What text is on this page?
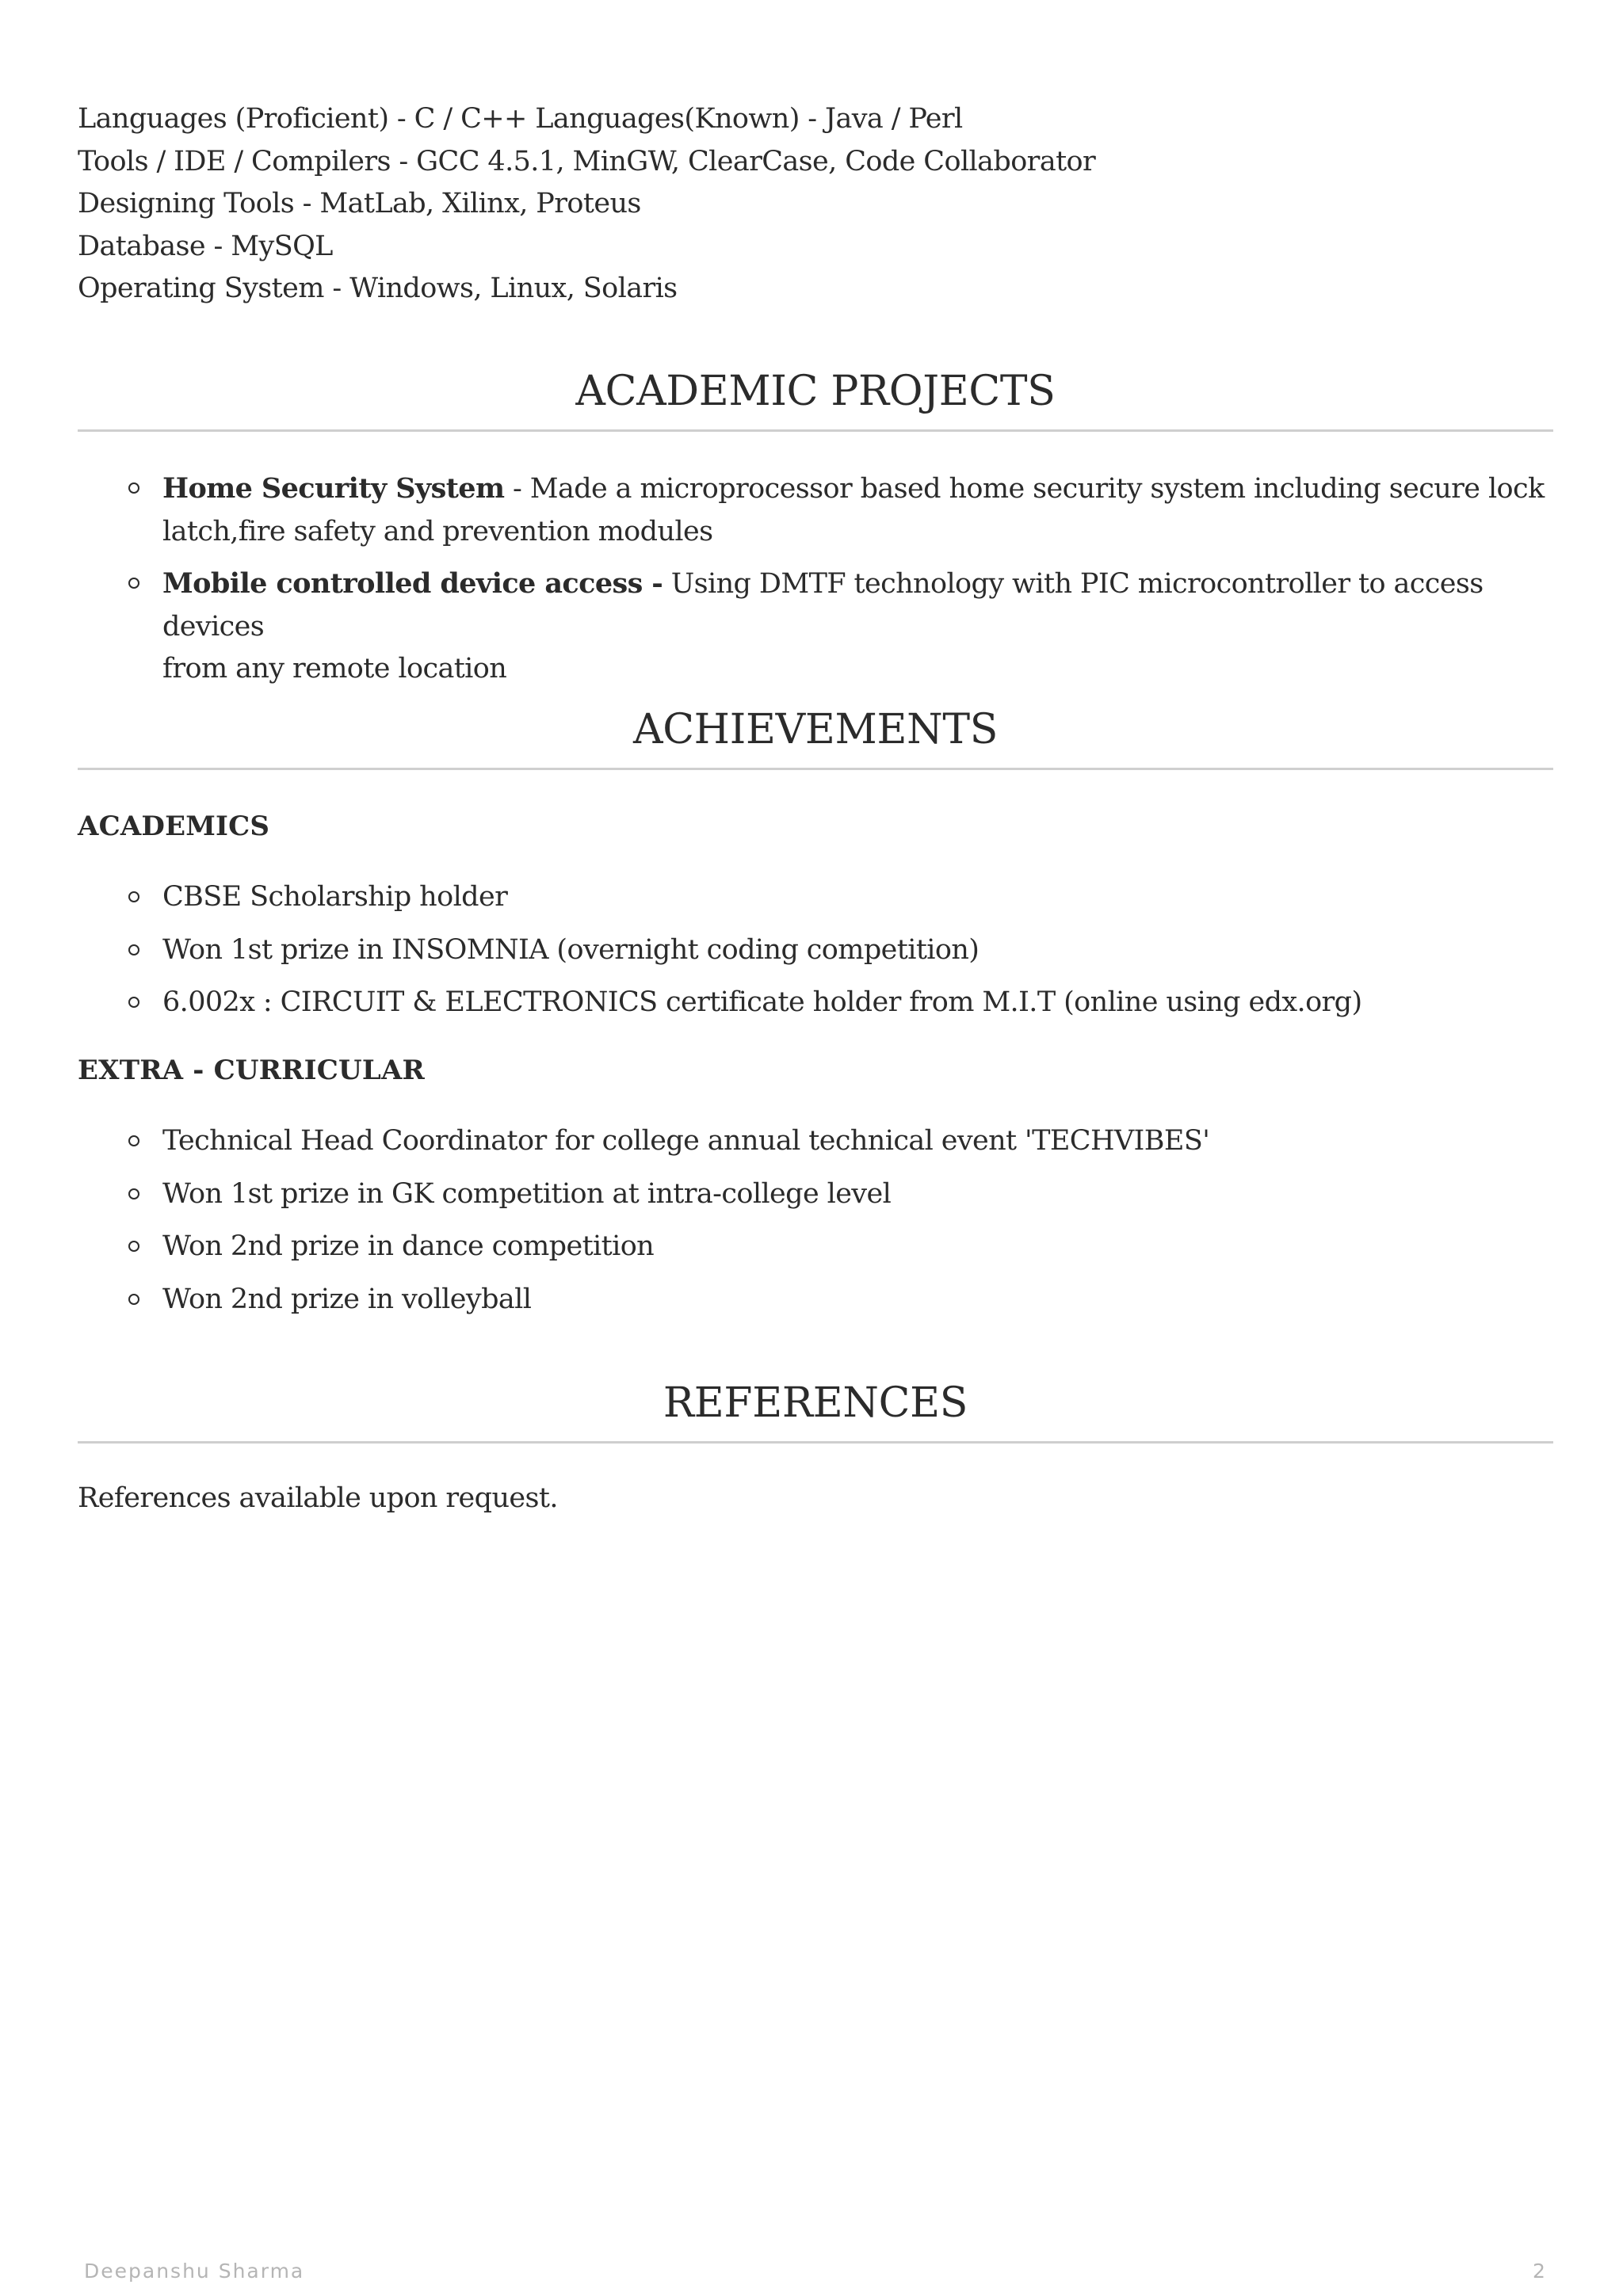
Languages (Proficient) - C / C++ Languages(Known) - Java / Perl
Tools / IDE / Compilers - GCC 4.5.1, MinGW, ClearCase, Code Collaborator
Designing Tools - MatLab, Xilinx, Proteus
Database - MySQL
Operating System - Windows, Linux, Solaris
ACADEMIC PROJECTS
Home Security System - Made a microprocessor based home security system including secure lock
latch,fire safety and prevention modules
Mobile controlled device access - Using DMTF technology with PIC microcontroller to access devices
from any remote location
ACHIEVEMENTS
ACADEMICS
CBSE Scholarship holder
Won 1st prize in INSOMNIA (overnight coding competition)
6.002x : CIRCUIT & ELECTRONICS certificate holder from M.I.T (online using edx.org)
EXTRA - CURRICULAR
Technical Head Coordinator for college annual technical event 'TECHVIBES'
Won 1st prize in GK competition at intra-college level
Won 2nd prize in dance competition
Won 2nd prize in volleyball
REFERENCES
References available upon request.
Deepanshu Sharma	2
